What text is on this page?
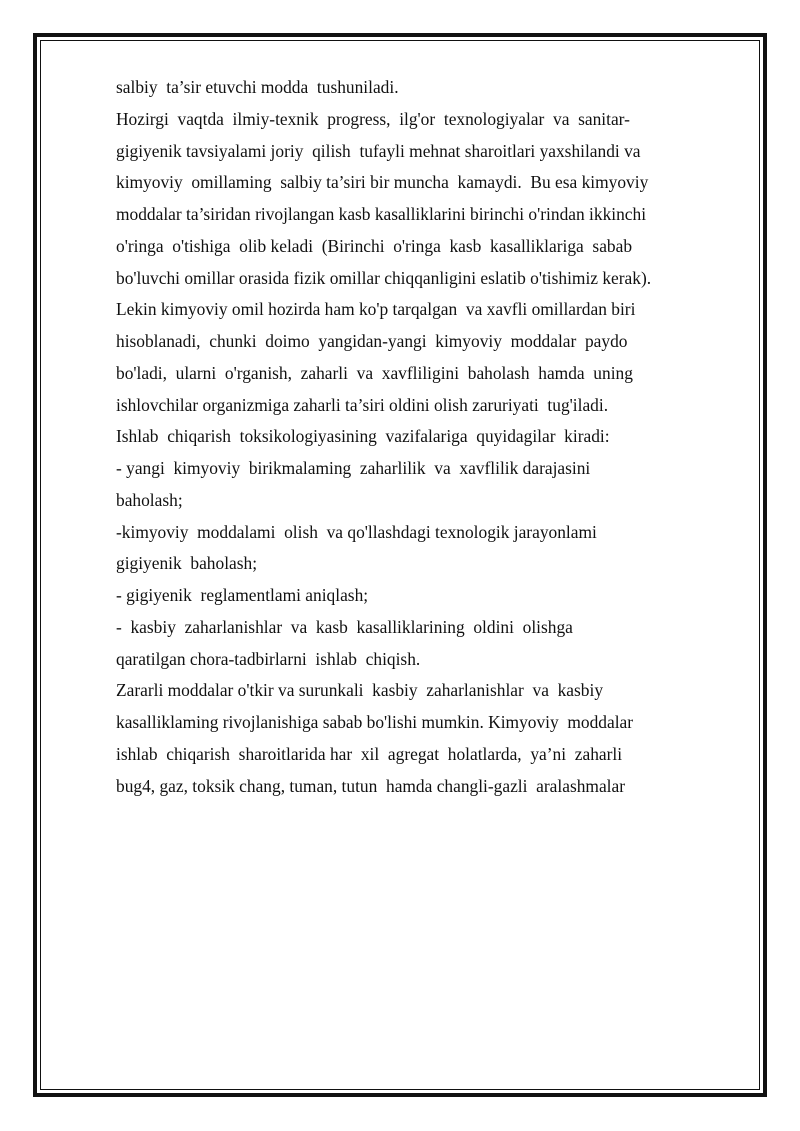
salbiy  ta’sir etuvchi modda  tushuniladi.

Hozirgi  vaqtda  ilmiy-texnik  progress,  ilg'or  texnologiyalar  va  sanitar-

gigiyenik tavsiyalami joriy  qilish  tufayli mehnat sharoitlari yaxshilandi va

kimyoviy  omillaming  salbiy ta’siri bir muncha  kamaydi.  Bu esa kimyoviy

moddalar ta’siridan rivojlangan kasb kasalliklarini birinchi o'rindan ikkinchi

o'ringa  o'tishiga  olib keladi  (Birinchi  o'ringa  kasb  kasalliklariga  sabab

bo'luvchi omillar orasida fizik omillar chiqqanligini eslatib o'tishimiz kerak).

Lekin kimyoviy omil hozirda ham ko'p tarqalgan  va xavfli omillardan biri

hisoblanadi,  chunki  doimo  yangidan-yangi  kimyoviy  moddalar  paydo

bo'ladi,  ularni  o'rganish,  zaharli  va  xavfliligini  baholash  hamda  uning

ishlovchilar organizmiga zaharli ta’siri oldini olish zaruriyati  tug'iladi.

Ishlab  chiqarish  toksikologiyasining  vazifalariga  quyidagilar  kiradi:

- yangi  kimyoviy  birikmalaming  zaharlilik  va  xavflilik darajasini

baholash;

-kimyoviy  moddalami  olish  va qo'llashdagi texnologik jarayonlami

gigiyenik  baholash;

- gigiyenik  reglamentlami aniqlash;

-  kasbiy  zaharlanishlar  va  kasb  kasalliklarining  oldini  olishga

qaratilgan chora-tadbirlarni  ishlab  chiqish.

Zararli moddalar o'tkir va surunkali  kasbiy  zaharlanishlar  va  kasbiy

kasalliklaming rivojlanishiga sabab bo'lishi mumkin. Kimyoviy  moddalar

ishlab  chiqarish  sharoitlarida har  xil  agregat  holatlarda,  ya’ni  zaharli

bug4, gaz, toksik chang, tuman, tutun  hamda changli-gazli  aralashmalar
